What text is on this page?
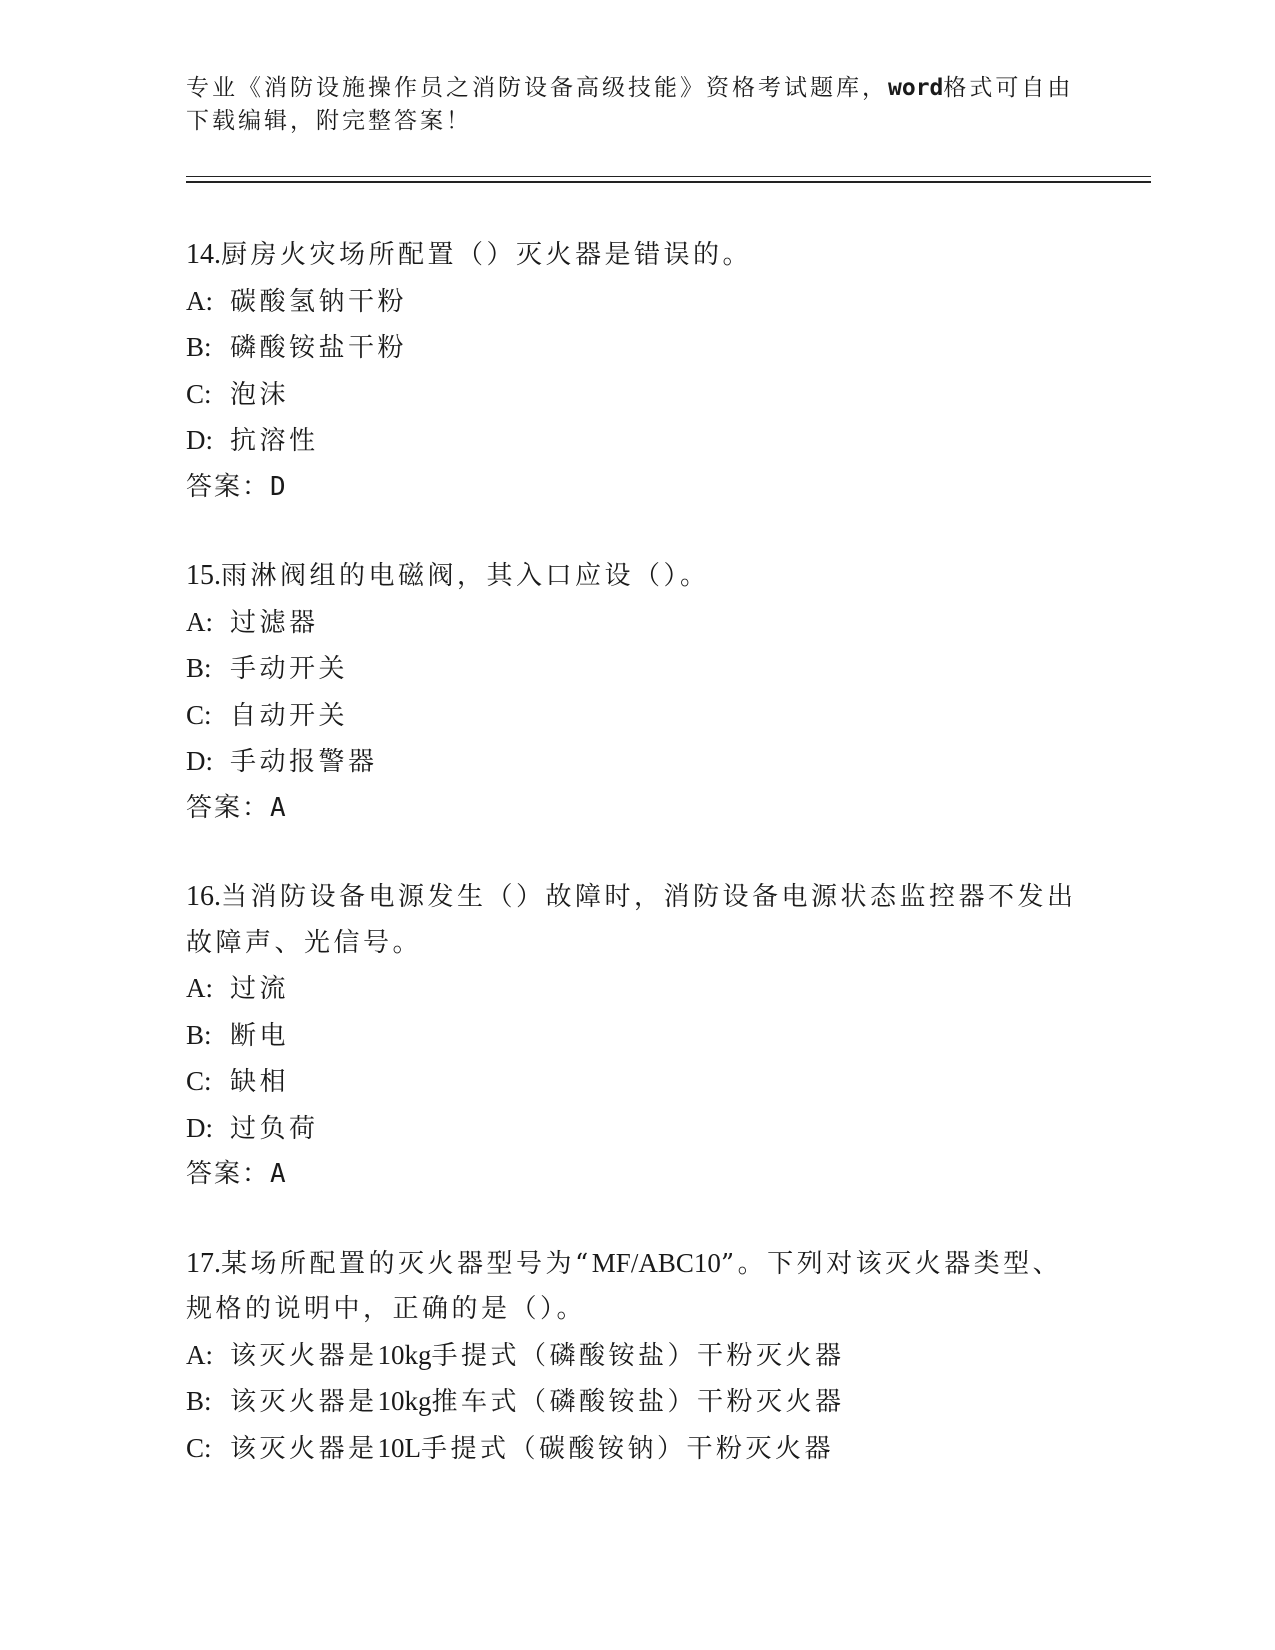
专业《消防设施操作员之消防设备高级技能》资格考试题库，word格式可自由下载编辑，附完整答案！

14.厨房火灾场所配置（）灭火器是错误的。

A: 碳酸氢钠干粉

B: 磷酸铵盐干粉

C: 泡沫

D: 抗溶性

答案：D

15.雨淋阀组的电磁阀，其入口应设（）。

A: 过滤器

B: 手动开关

C: 自动开关

D: 手动报警器

答案：A

16.当消防设备电源发生（）故障时，消防设备电源状态监控器不发出故障声、光信号。

A: 过流

B: 断电

C: 缺相

D: 过负荷

答案：A

17.某场所配置的灭火器型号为“MF/ABC10”。下列对该灭火器类型、规格的说明中，正确的是（）。

A: 该灭火器是10kg手提式（磷酸铵盐）干粉灭火器

B: 该灭火器是10kg推车式（磷酸铵盐）干粉灭火器

C: 该灭火器是10L手提式（碳酸铵钠）干粉灭火器
